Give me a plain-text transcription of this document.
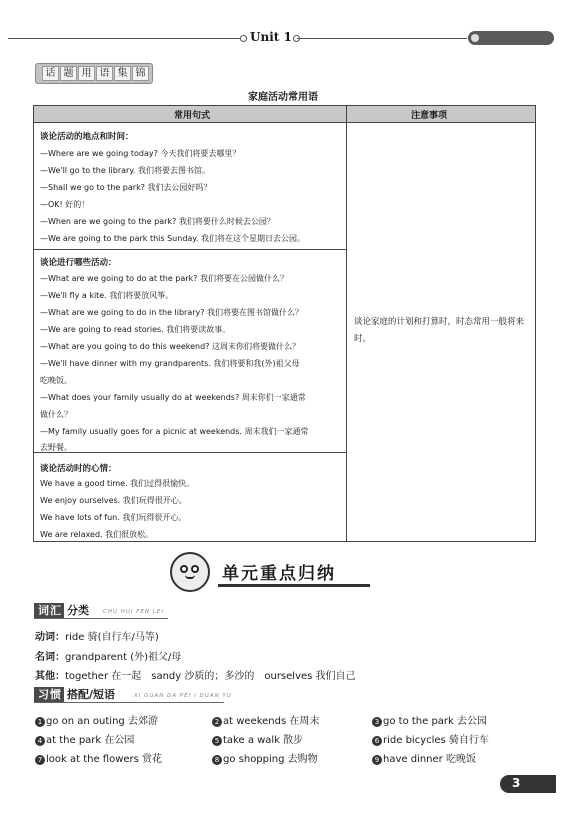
Unit 1
话 题 用 语 集 锦
家庭活动常用语
常用句式	注意事项
谈论活动的地点和时间：
—Where are we going today? 今天我们将要去哪里？
—We'll go to the library. 我们将要去图书馆。
—Shall we go to the park? 我们去公园好吗？
—OK! 好的！
—When are we going to the park? 我们将要什么时候去公园？
—We are going to the park this Sunday. 我们将在这个星期日去公园。
谈论进行哪些活动：
—What are we going to do at the park? 我们将要在公园做什么？
—We'll fly a kite. 我们将要放风筝。
—What are we going to do in the library? 我们将要在图书馆做什么？
—We are going to read stories. 我们将要读故事。
—What are you going to do this weekend? 这周末你们将要做什么？
—We'll have dinner with my grandparents. 我们将要和我(外)祖父母
吃晚饭。
—What does your family usually do at weekends? 周末你们一家通常
做什么？
—My family usually goes for a picnic at weekends. 周末我们一家通常
去野餐。
谈论活动时的心情：
We have a good time. 我们过得很愉快。
We enjoy ourselves. 我们玩得很开心。
We have lots of fun. 我们玩得很开心。
We are relaxed. 我们很放松。
谈论家庭的计划和打算时，时态常用一般将来时。
单元重点归纳
词汇 分类	CHU HUI FEN LEI
动词：ride 骑(自行车/马等)
名词：grandparent (外)祖父/母
其他：together 在一起　sandy 沙质的；多沙的　ourselves 我们自己
习惯 搭配/短语	XI GUAN DA PEI / DUAN YU
1 go on an outing 去郊游	2 at weekends 在周末	3 go to the park 去公园
4 at the park 在公园	5 take a walk 散步	6 ride bicycles 骑自行车
7 look at the flowers 赏花	8 go shopping 去购物	9 have dinner 吃晚饭
3
